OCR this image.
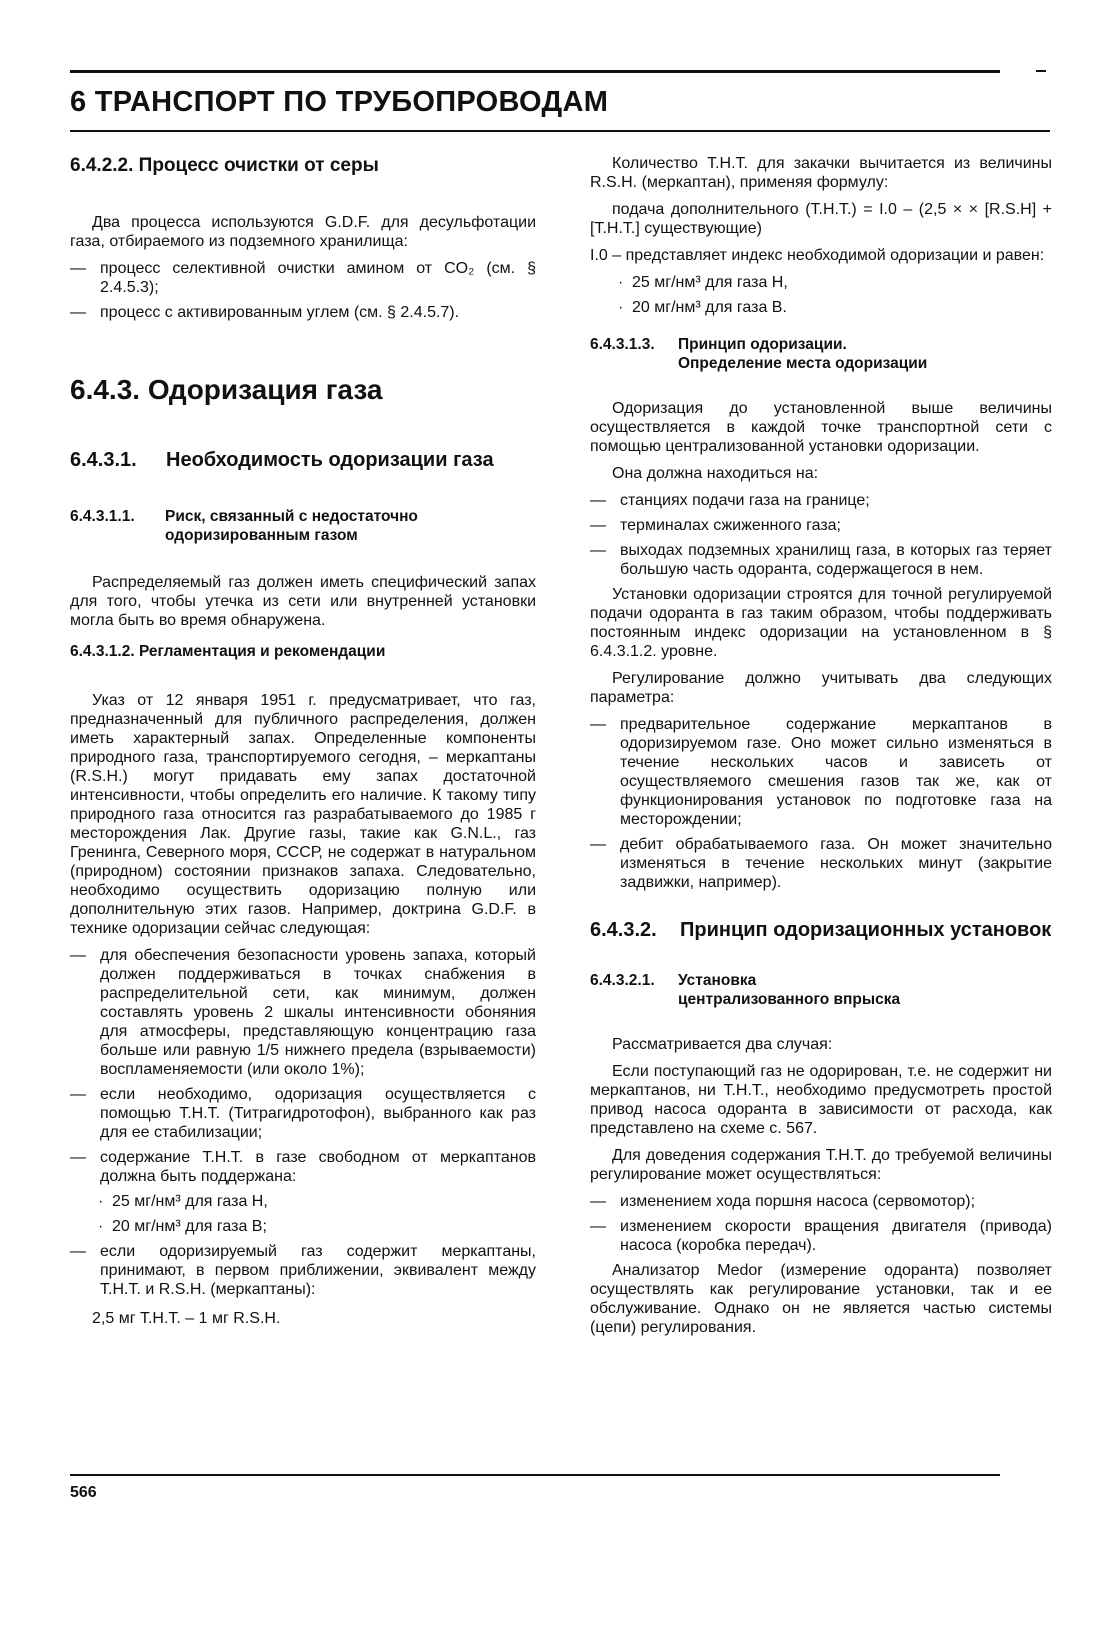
6 ТРАНСПОРТ ПО ТРУБОПРОВОДАМ
6.4.2.2. Процесс очистки от серы

Два процесса используются G.D.F. для десульфотации газа, отбираемого из подземного хранилища:

— процесс селективной очистки амином от CO₂ (см. § 2.4.5.3);
— процесс с активированным углем (см. § 2.4.5.7).
6.4.3. Одоризация газа
6.4.3.1.	Необходимость одоризации газа
6.4.3.1.1.	Риск, связанный с недостаточно одоризированным газом

Распределяемый газ должен иметь специфический запах для того, чтобы утечка из сети или внутренней установки могла быть во время обнаружена.

6.4.3.1.2. Регламентация и рекомендации

Указ от 12 января 1951 г. предусматривает, что газ, предназначенный для публичного распределения, должен иметь характерный запах. Определенные компоненты природного газа, транспортируемого сегодня, – меркаптаны (R.S.H.) могут придавать ему запах достаточной интенсивности, чтобы определить его наличие. К такому типу природного газа относится газ разрабатываемого до 1985 г месторождения Лак. Другие газы, такие как G.N.L., газ Гренинга, Северного моря, СССР, не содержат в натуральном (природном) состоянии признаков запаха. Следовательно, необходимо осуществить одоризацию полную или дополнительную этих газов. Например, доктрина G.D.F. в технике одоризации сейчас следующая:

— для обеспечения безопасности уровень запаха, который должен поддерживаться в точках снабжения в распределительной сети, как минимум, должен составлять уровень 2 шкалы интенсивности обоняния для атмосферы, представляющую концентрацию газа больше или равную 1/5 нижнего предела (взрываемости) воспламеняемости (или около 1%);
— если необходимо, одоризация осуществляется с помощью Т.Н.Т. (Титрагидротофон), выбранного как раз для ее стабилизации;
— содержание Т.Н.Т. в газе свободном от меркаптанов должна быть поддержана:
· 25 мг/нм³ для газа Н,
· 20 мг/нм³ для газа В;
— если одоризируемый газ содержит меркаптаны, принимают, в первом приближении, эквивалент между Т.Н.Т. и R.S.H. (меркаптаны):
2,5 мг Т.Н.Т. – 1 мг R.S.H.

Количество Т.Н.Т. для закачки вычитается из величины R.S.H. (меркаптан), применяя формулу:

подача дополнительного (Т.Н.Т.) = I.0 – (2,5 × × [R.S.H] + [Т.Н.Т.] существующие)

I.0 – представляет индекс необходимой одоризации и равен:

· 25 мг/нм³ для газа Н,
· 20 мг/нм³ для газа В.
6.4.3.1.3.	Принцип одоризации.
Определение места одоризации

Одоризация до установленной выше величины осуществляется в каждой точке транспортной сети с помощью централизованной установки одоризации.

Она должна находиться на:

— станциях подачи газа на границе;
— терминалах сжиженного газа;
— выходах подземных хранилищ газа, в которых газ теряет большую часть одоранта, содержащегося в нем.

Установки одоризации строятся для точной регулируемой подачи одоранта в газ таким образом, чтобы поддерживать постоянным индекс одоризации на установленном в § 6.4.3.1.2. уровне.

Регулирование должно учитывать два следующих параметра:

— предварительное содержание меркаптанов в одоризируемом газе. Оно может сильно изменяться в течение нескольких часов и зависеть от осуществляемого смешения газов так же, как от функционирования установок по подготовке газа на месторождении;
— дебит обрабатываемого газа. Он может значительно изменяться в течение нескольких минут (закрытие задвижки, например).
6.4.3.2.	Принцип одоризационных установок
6.4.3.2.1.	Установка
централизованного впрыска

Рассматривается два случая:

Если поступающий газ не одорирован, т.е. не содержит ни меркаптанов, ни Т.Н.Т., необходимо предусмотреть простой привод насоса одоранта в зависимости от расхода, как представлено на схеме с. 567.

Для доведения содержания Т.Н.Т. до требуемой величины регулирование может осуществляться:

— изменением хода поршня насоса (сервомотор);
— изменением скорости вращения двигателя (привода) насоса (коробка передач).

Анализатор Medor (измерение одоранта) позволяет осуществлять как регулирование установки, так и ее обслуживание. Однако он не является частью системы (цепи) регулирования.

566
